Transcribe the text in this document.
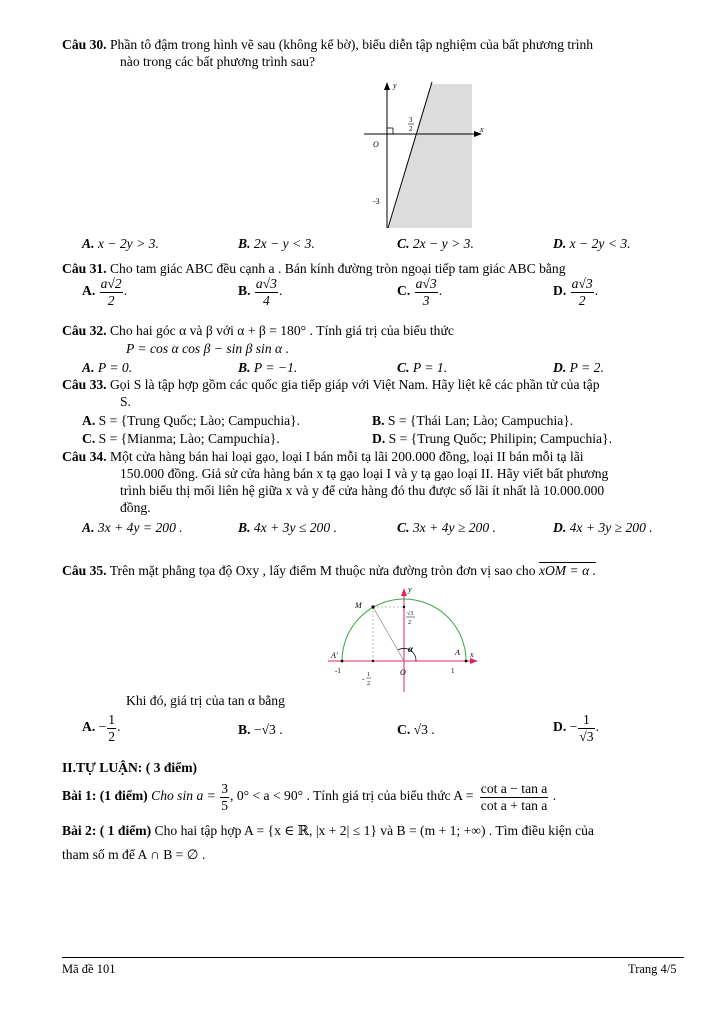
Câu 30. Phần tô đậm trong hình vẽ sau (không kể bờ), biểu diễn tập nghiệm của bất phương trình
nào trong các bất phương trình sau?
y
x
O
3
2
-3
A. x − 2y > 3.	B. 2x − y < 3.	C. 2x − y > 3.	D. x − 2y < 3.
Câu 31. Cho tam giác ABC đều cạnh a . Bán kính đường tròn ngoại tiếp tam giác ABC bằng
A. $\frac{a√2}{2}$ .	B. $\frac{a√3}{4}$ .	C. $\frac{a√3}{3}$ .	D. $\frac{a√3}{2}$ .
Câu 32. Cho hai góc α và β với α + β = 180° . Tính giá trị của biểu thức
P = cos α cos β − sin β sin α .
A. P = 0.	B. P = −1.	C. P = 1.	D. P = 2.
Câu 33. Gọi S là tập hợp gồm các quốc gia tiếp giáp với Việt Nam. Hãy liệt kê các phần tử của tập
S.
A. S = {Trung Quốc; Lào; Campuchia}.	B. S = {Thái Lan; Lào; Campuchia}.
C. S = {Mianma; Lào; Campuchia}.	D. S = {Trung Quốc; Philipin; Campuchia}.
Câu 34. Một cửa hàng bán hai loại gạo, loại I bán mỗi tạ lãi 200.000 đồng, loại II bán mỗi tạ lãi
150.000 đồng. Giả sử cửa hàng bán x tạ gạo loại I và y tạ gạo loại II. Hãy viết bất phương
trình biểu thị mối liên hệ giữa x và y để cửa hàng đó thu được số lãi ít nhất là 10.000.000
đồng.
A. 3x + 4y = 200 .	B. 4x + 3y ≤ 200 .	C. 3x + 4y ≥ 200 .	D. 4x + 3y ≥ 200 .
Câu 35. Trên mặt phẳng tọa độ Oxy , lấy điểm M thuộc nửa đường tròn đơn vị sao cho xOM = α .
y
x
M
A'	A
O
α
-1	1
√3
2
- 1
2
Khi đó, giá trị của tan α bằng
A. − $\frac{1}{2}$ .	B. −√3 .	C. √3 .	D. − $\frac{1}{√3}$ .
II.TỰ LUẬN: ( 3 điểm)
Bài 1: (1 điểm) Cho $\sin a = \frac{3}{5}$ , 0° < a < 90° . Tính giá trị của biểu thức $A = \frac{\text{cot a − tan a}}{\text{cot a + tan a}}$ .
Bài 2: ( 1 điểm) Cho hai tập hợp A = {x ∈ ℝ, |x + 2| ≤ 1} và B = (m + 1; +∞) . Tìm điều kiện của
tham số m để A ∩ B = ∅ .
Mã đề 101	Trang 4/5
